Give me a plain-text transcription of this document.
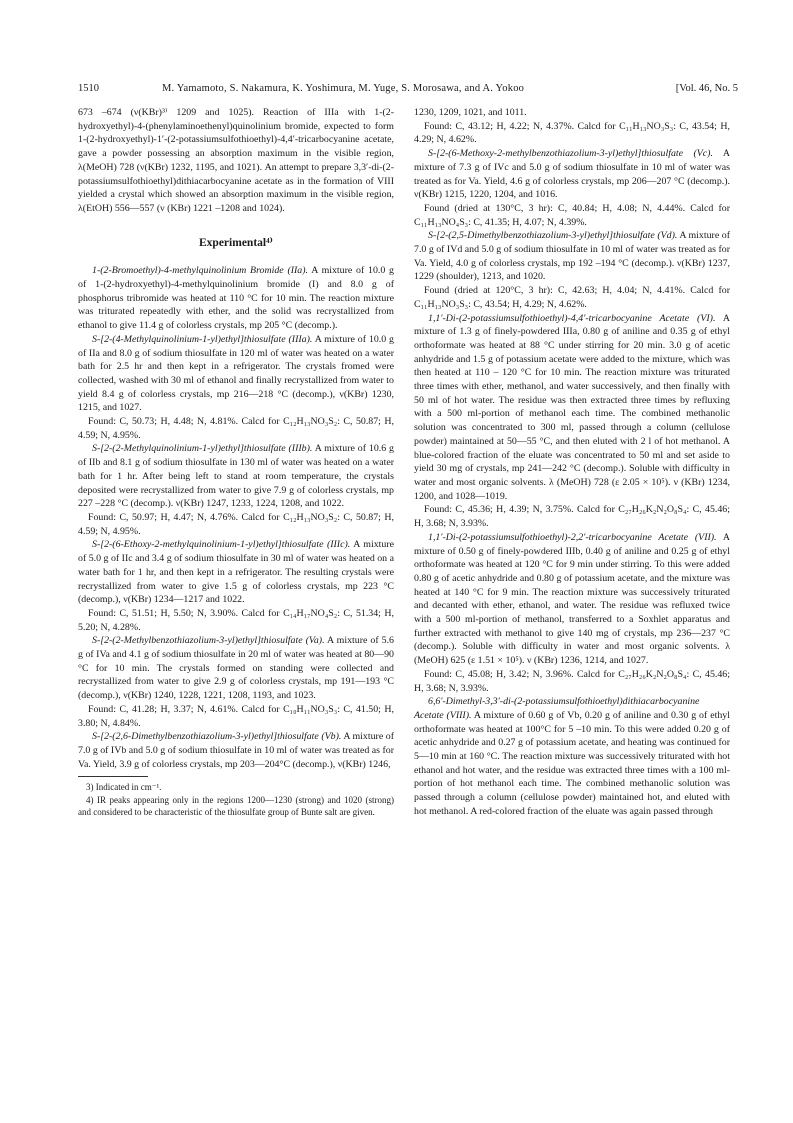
1510	M. Yamamoto, S. Nakamura, K. Yoshimura, M. Yuge, S. Morosawa, and A. Yokoo	[Vol. 46, No. 5

673 –674 (ν(KBr)³⁾ 1209 and 1025). Reaction of IIIa with 1-(2-hydroxyethyl)-4-(phenylaminoethenyl)quinolinium bromide, expected to form 1-(2-hydroxyethyl)-1′-(2-potassiumsulfothioethyl)-4,4′-tricarbocyanine acetate, gave a powder possessing an absorption maximum in the visible region, λ(MeOH) 728 (ν(KBr) 1232, 1195, and 1021). An attempt to prepare 3,3′-di-(2-potassiumsulfothioethyl)dithiacarbocyanine acetate as in the formation of VIII yielded a crystal which showed an absorption maximum in the visible region, λ(EtOH) 556—557 (ν (KBr) 1221 –1208 and 1024).

Experimental⁴⁾

1-(2-Bromoethyl)-4-methylquinolinium Bromide (IIa). A mixture of 10.0 g of 1-(2-hydroxyethyl)-4-methylquinolinium bromide (I) and 8.0 g of phosphorus tribromide was heated at 110 °C for 10 min. The reaction mixture was triturated repeatedly with ether, and the solid was recrystallized from ethanol to give 11.4 g of colorless crystals, mp 205 °C (decomp.).

S-[2-(4-Methylquinolinium-1-yl)ethyl]thiosulfate (IIIa). A mixture of 10.0 g of IIa and 8.0 g of sodium thiosulfate in 120 ml of water was heated on a water bath for 2.5 hr and then kept in a refrigerator. The crystals fromed were collected, washed with 30 ml of ethanol and finally recrystallized from water to yield 8.4 g of colorless crystals, mp 216—218 °C (decomp.), ν(KBr) 1230, 1215, and 1027.

Found: C, 50.73; H, 4.48; N, 4.81%. Calcd for C₁₂H₁₃NO₃S₂: C, 50.87; H, 4.59; N, 4.95%.

S-[2-(2-Methylquinolinium-1-yl)ethyl]thiosulfate (IIIb). A mixture of 10.6 g of IIb and 8.1 g of sodium thiosulfate in 130 ml of water was heated on a water bath for 1 hr. After being left to stand at room temperature, the crystals deposited were recrystallized from water to give 7.9 g of colorless crystals, mp 227 –228 °C (decomp.). ν(KBr) 1247, 1233, 1224, 1208, and 1022.

Found: C, 50.97; H, 4.47; N, 4.76%. Calcd for C₁₂H₁₃NO₃S₂: C, 50.87; H, 4.59; N, 4.95%.

S-[2-(6-Ethoxy-2-methylquinolinium-1-yl)ethyl]thiosulfate (IIIc). A mixture of 5.0 g of IIc and 3.4 g of sodium thiosulfate in 30 ml of water was heated on a water bath for 1 hr, and then kept in a refrigerator. The resulting crystals were recrystallized from water to give 1.5 g of colorless crystals, mp 223 °C (decomp.), ν(KBr) 1234—1217 and 1022.

Found: C, 51.51; H, 5.50; N, 3.90%. Calcd for C₁₄H₁₇NO₄S₂: C, 51.34; H, 5.20; N, 4.28%.

S-[2-(2-Methylbenzothiazolium-3-yl)ethyl]thiosulfate (Va). A mixture of 5.6 g of IVa and 4.1 g of sodium thiosulfate in 20 ml of water was heated at 80—90 °C for 10 min. The crystals formed on standing were collected and recrystallized from water to give 2.9 g of colorless crystals, mp 191—193 °C (decomp.), ν(KBr) 1240, 1228, 1221, 1208, 1193, and 1023.

Found: C, 41.28; H, 3.37; N, 4.61%. Calcd for C₁₀H₁₁NO₃S₃: C, 41.50; H, 3.80; N, 4.84%.

S-[2-(2,6-Dimethylbenzothiazolium-3-yl)ethyl]thiosulfate (Vb). A mixture of 7.0 g of IVb and 5.0 g of sodium thiosulfate in 10 ml of water was treated as for Va. Yield, 3.9 g of colorless crystals, mp 203—204°C (decomp.), ν(KBr) 1246,

3) Indicated in cm⁻¹.

4) IR peaks appearing only in the regions 1200—1230 (strong) and 1020 (strong) and considered to be characteristic of the thiosulfate group of Bunte salt are given.

1230, 1209, 1021, and 1011.

Found: C, 43.12; H, 4.22; N, 4.37%. Calcd for C₁₁H₁₃NO₃S₃: C, 43.54; H, 4.29; N, 4.62%.

S-[2-(6-Methoxy-2-methylbenzothiazolium-3-yl)ethyl]thiosulfate (Vc). A mixture of 7.3 g of IVc and 5.0 g of sodium thiosulfate in 10 ml of water was treated as for Va. Yield, 4.6 g of colorless crystals, mp 206—207 °C (decomp.). ν(KBr) 1215, 1220, 1204, and 1016.

Found (dried at 130°C, 3 hr): C, 40.84; H, 4.08; N, 4.44%. Calcd for C₁₁H₁₃NO₄S₃: C, 41.35; H, 4.07; N, 4.39%.

S-[2-(2,5-Dimethylbenzothiazolium-3-yl)ethyl]thiosulfate (Vd). A mixture of 7.0 g of IVd and 5.0 g of sodium thiosulfate in 10 ml of water was treated as for Va. Yield, 4.0 g of colorless crystals, mp 192 –194 °C (decomp.). ν(KBr) 1237, 1229 (shoulder), 1213, and 1020.

Found (dried at 120°C, 3 hr): C, 42.63; H, 4.04; N, 4.41%. Calcd for C₁₁H₁₃NO₃S₃: C, 43.54; H, 4.29; N, 4.62%.

1,1′-Di-(2-potassiumsulfothioethyl)-4,4′-tricarbocyanine Acetate (VI). A mixture of 1.3 g of finely-powdered IIIa, 0.80 g of aniline and 0.35 g of ethyl orthoformate was heated at 88 °C under stirring for 20 min. 3.0 g of acetic anhydride and 1.5 g of potassium acetate were added to the mixture, which was then heated at 110 – 120 °C for 10 min. The reaction mixture was triturated three times with ether, methanol, and water successively, and then finally with 50 ml of hot water. The residue was then extracted three times by refluxing with a 500 ml-portion of methanol each time. The combined methanolic solution was concentrated to 300 ml, passed through a column (cellulose powder) maintained at 50—55 °C, and then eluted with 2 l of hot methanol. A blue-colored fraction of the eluate was concentrated to 50 ml and set aside to yield 30 mg of crystals, mp 241—242 °C (decomp.). Soluble with difficulty in water and most organic solvents. λ (MeOH) 728 (ε 2.05 × 10⁵). ν (KBr) 1234, 1200, and 1028—1019.

Found: C, 45.36; H, 4.39; N, 3.75%. Calcd for C₂₇H₂₆K₂N₂O₈S₄: C, 45.46; H, 3.68; N, 3.93%.

1,1′-Di-(2-potassiumsulfothioethyl)-2,2′-tricarbocyanine Acetate (VII). A mixture of 0.50 g of finely-powdered IIIb, 0.40 g of aniline and 0.25 g of ethyl orthoformate was heated at 120 °C for 9 min under stirring. To this were added 0.80 g of acetic anhydride and 0.80 g of potassium acetate, and the mixture was heated at 140 °C for 9 min. The reaction mixture was successively triturated and decanted with ether, ethanol, and water. The residue was refluxed twice with a 500 ml-portion of methanol, transferred to a Soxhlet apparatus and further extracted with methanol to give 140 mg of crystals, mp 236—237 °C (decomp.). Soluble with difficulty in water and most organic solvents. λ (MeOH) 625 (ε 1.51 × 10⁵). ν (KBr) 1236, 1214, and 1027.

Found: C, 45.08; H, 3.42; N, 3.96%. Calcd for C₂₇H₂₆K₂N₂O₈S₄: C, 45.46; H, 3.68; N, 3.93%.

6,6′-Dimethyl-3,3′-di-(2-potassiumsulfothioethyl)dithiacarbocyanine Acetate (VIII). A mixture of 0.60 g of Vb, 0.20 g of aniline and 0.30 g of ethyl orthoformate was heated at 100°C for 5 –10 min. To this were added 0.20 g of acetic anhydride and 0.27 g of potassium acetate, and heating was continued for 5—10 min at 160 °C. The reaction mixture was successively triturated with hot ethanol and hot water, and the residue was extracted three times with a 100 ml-portion of hot methanol each time. The combined methanolic solution was passed through a column (cellulose powder) maintained hot, and eluted with hot methanol. A red-colored fraction of the eluate was again passed through
